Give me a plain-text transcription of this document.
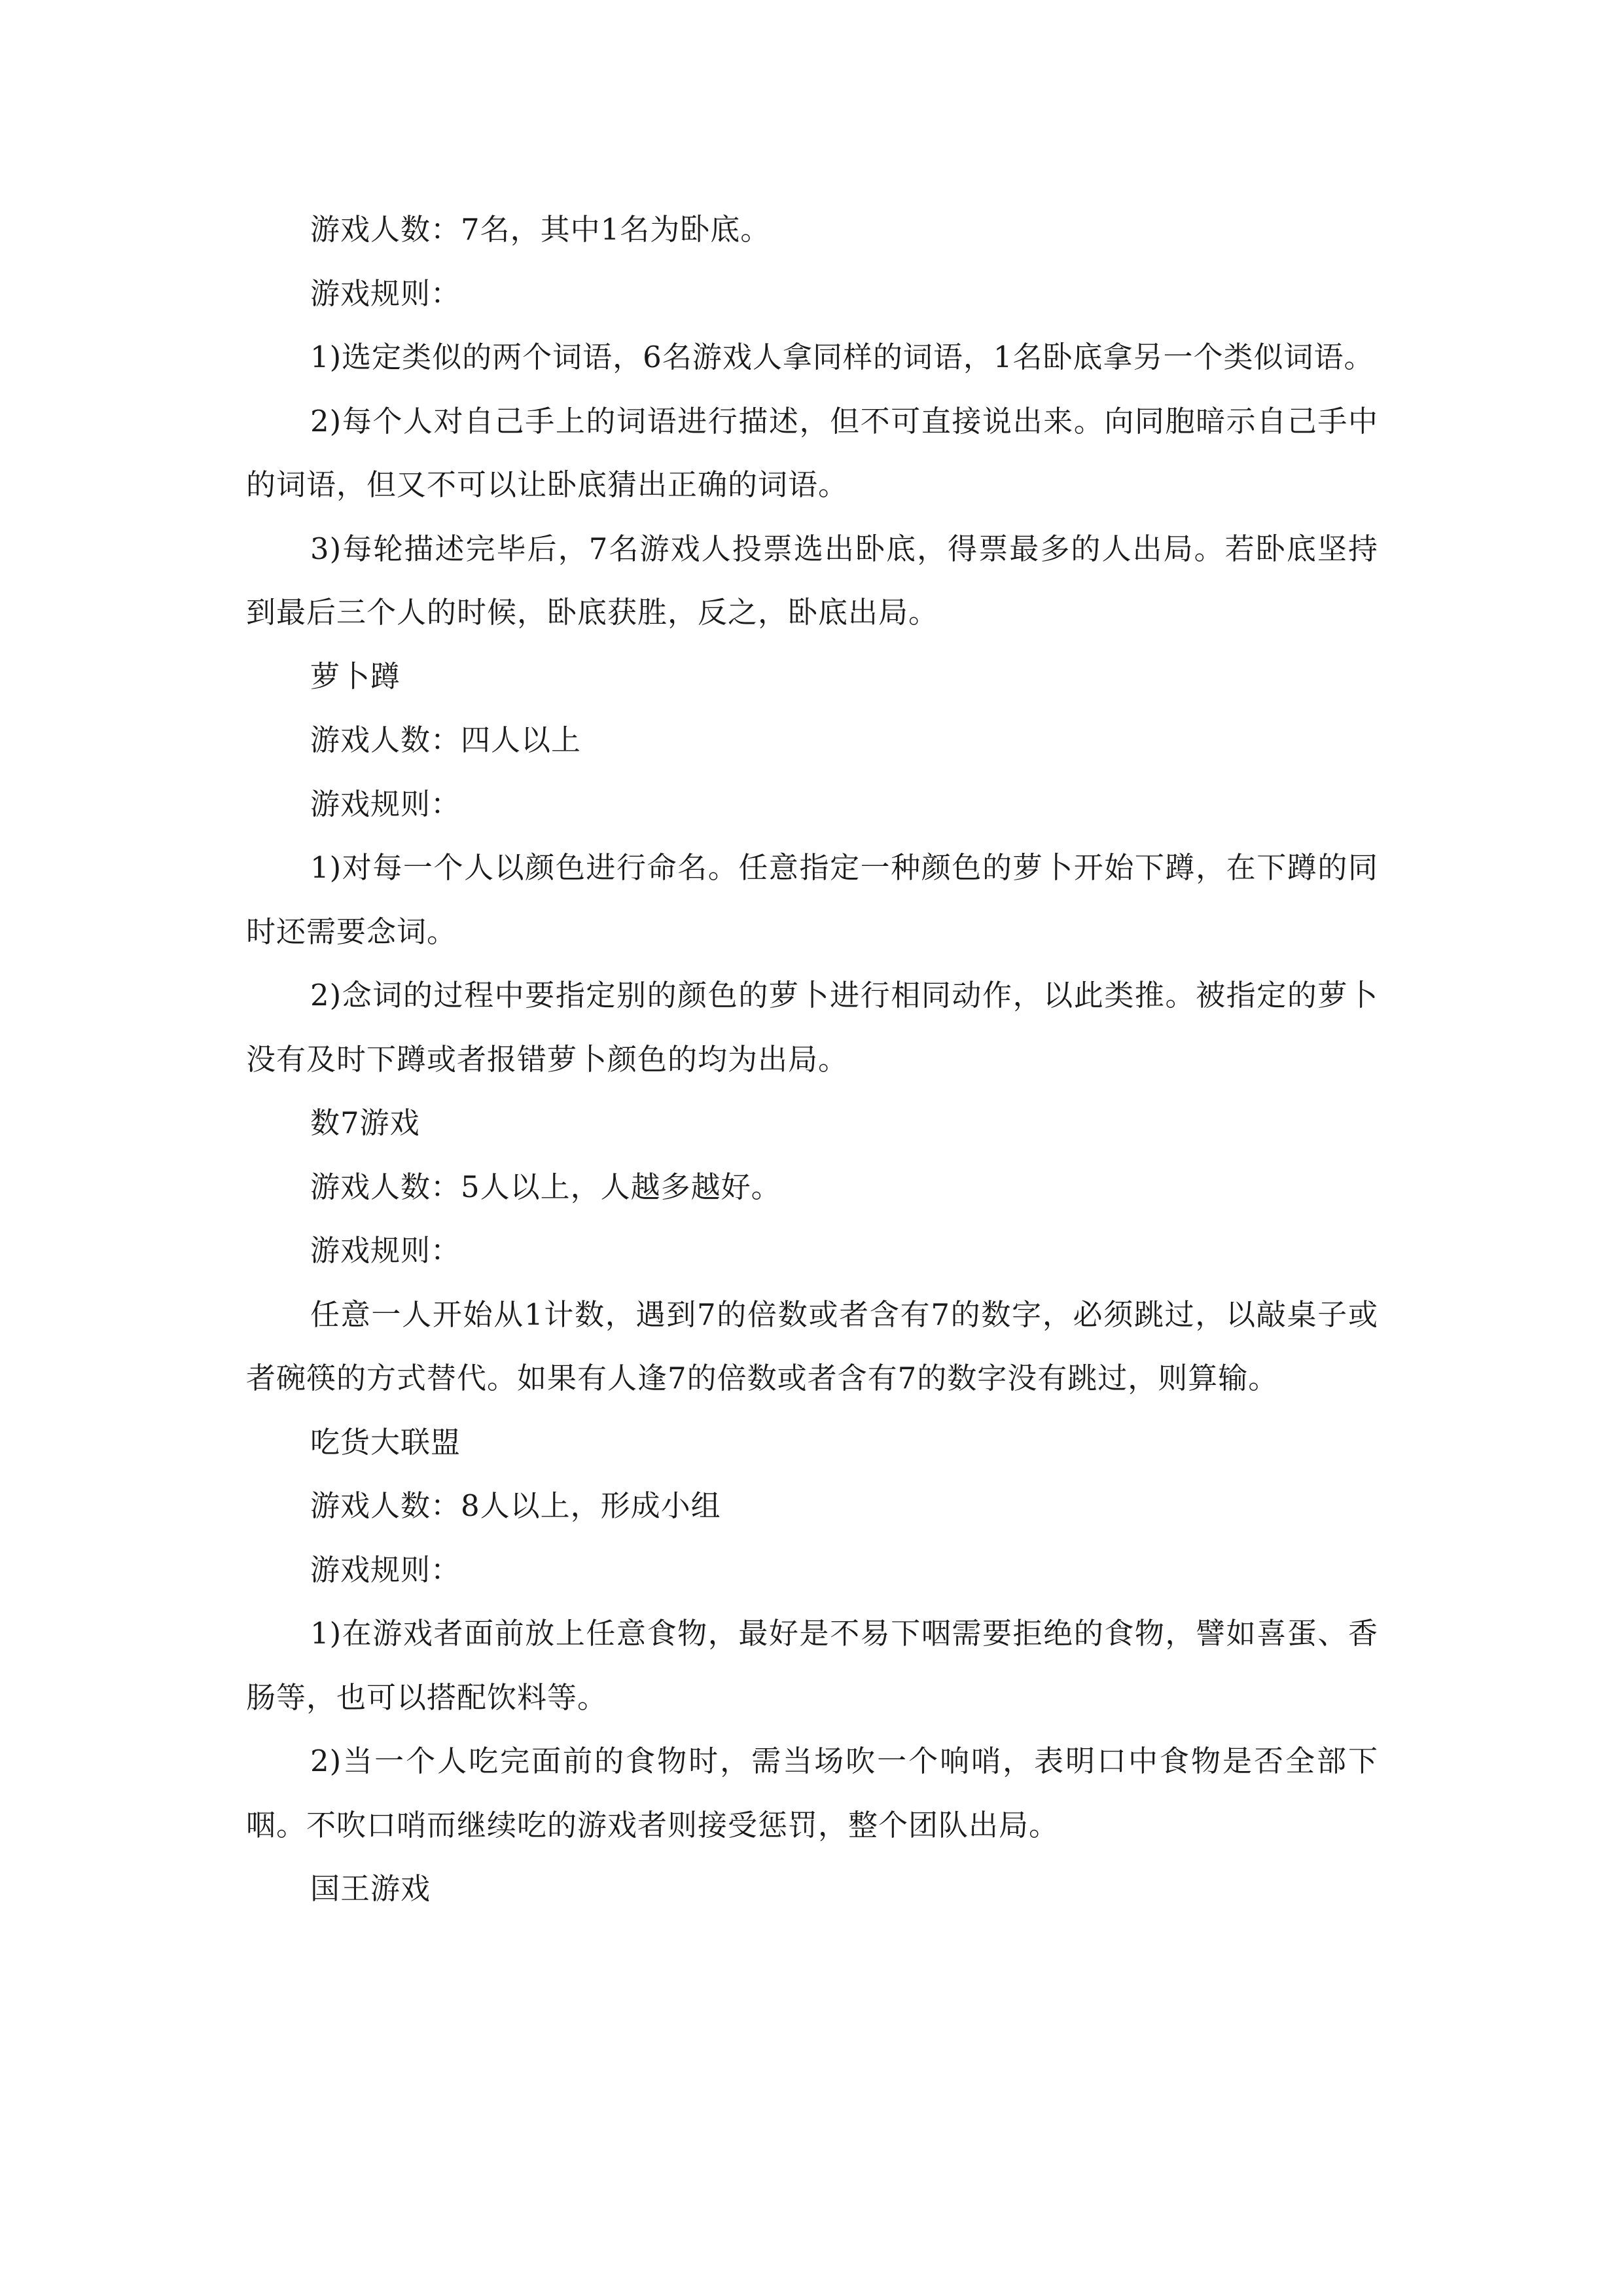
游戏人数：7名，其中1名为卧底。

游戏规则：

1)选定类似的两个词语，6名游戏人拿同样的词语，1名卧底拿另一个类似词语。

2)每个人对自己手上的词语进行描述，但不可直接说出来。向同胞暗示自己手中的词语，但又不可以让卧底猜出正确的词语。

3)每轮描述完毕后，7名游戏人投票选出卧底，得票最多的人出局。若卧底坚持到最后三个人的时候，卧底获胜，反之，卧底出局。

萝卜蹲

游戏人数：四人以上

游戏规则：

1)对每一个人以颜色进行命名。任意指定一种颜色的萝卜开始下蹲，在下蹲的同时还需要念词。

2)念词的过程中要指定别的颜色的萝卜进行相同动作，以此类推。被指定的萝卜没有及时下蹲或者报错萝卜颜色的均为出局。

数7游戏

游戏人数：5人以上，人越多越好。

游戏规则：

任意一人开始从1计数，遇到7的倍数或者含有7的数字，必须跳过，以敲桌子或者碗筷的方式替代。如果有人逢7的倍数或者含有7的数字没有跳过，则算输。

吃货大联盟

游戏人数：8人以上，形成小组

游戏规则：

1)在游戏者面前放上任意食物，最好是不易下咽需要拒绝的食物，譬如喜蛋、香肠等，也可以搭配饮料等。

2)当一个人吃完面前的食物时，需当场吹一个响哨，表明口中食物是否全部下咽。不吹口哨而继续吃的游戏者则接受惩罚，整个团队出局。

国王游戏
